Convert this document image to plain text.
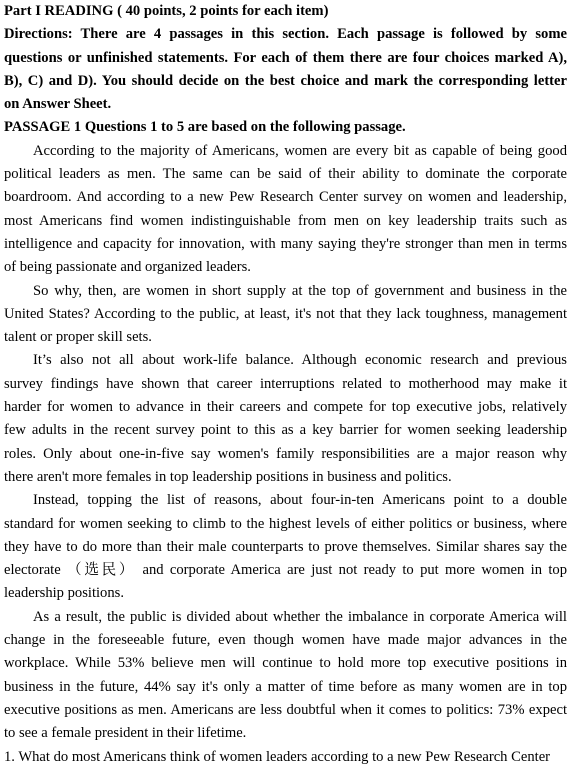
Part I READING ( 40 points, 2 points for each item)
Directions: There are 4 passages in this section. Each passage is followed by some
questions or unfinished statements. For each of them there are four choices marked A),
B), C) and D). You should decide on the best choice and mark the corresponding letter
on Answer Sheet.
PASSAGE 1 Questions 1 to 5 are based on the following passage.
According to the majority of Americans, women are every bit as capable of being good
political leaders as men. The same can be said of their ability to dominate the corporate
boardroom. And according to a new Pew Research Center survey on women and leadership,
most Americans find women indistinguishable from men on key leadership traits such as
intelligence and capacity for innovation, with many saying they're stronger than men in terms
of being passionate and organized leaders.
So why, then, are women in short supply at the top of government and business in the
United States? According to the public, at least, it's not that they lack toughness, management
talent or proper skill sets.
It’s also not all about work-life balance. Although economic research and previous
survey findings have shown that career interruptions related to motherhood may make it
harder for women to advance in their careers and compete for top executive jobs, relatively
few adults in the recent survey point to this as a key barrier for women seeking leadership
roles. Only about one-in-five say women's family responsibilities are a major reason why
there aren't more females in top leadership positions in business and politics.
Instead, topping the list of reasons, about four-in-ten Americans point to a double
standard for women seeking to climb to the highest levels of either politics or business, where
they have to do more than their male counterparts to prove themselves. Similar shares say the
electorate （选民） and corporate America are just not ready to put more women in top
leadership positions.
As a result, the public is divided about whether the imbalance in corporate America will
change in the foreseeable future, even though women have made major advances in the
workplace. While 53% believe men will continue to hold more top executive positions in
business in the future, 44% say it's only a matter of time before as many women are in top
executive positions as men. Americans are less doubtful when it comes to politics: 73% expect
to see a female president in their lifetime.
1. What do most Americans think of women leaders according to a new Pew Research Center
